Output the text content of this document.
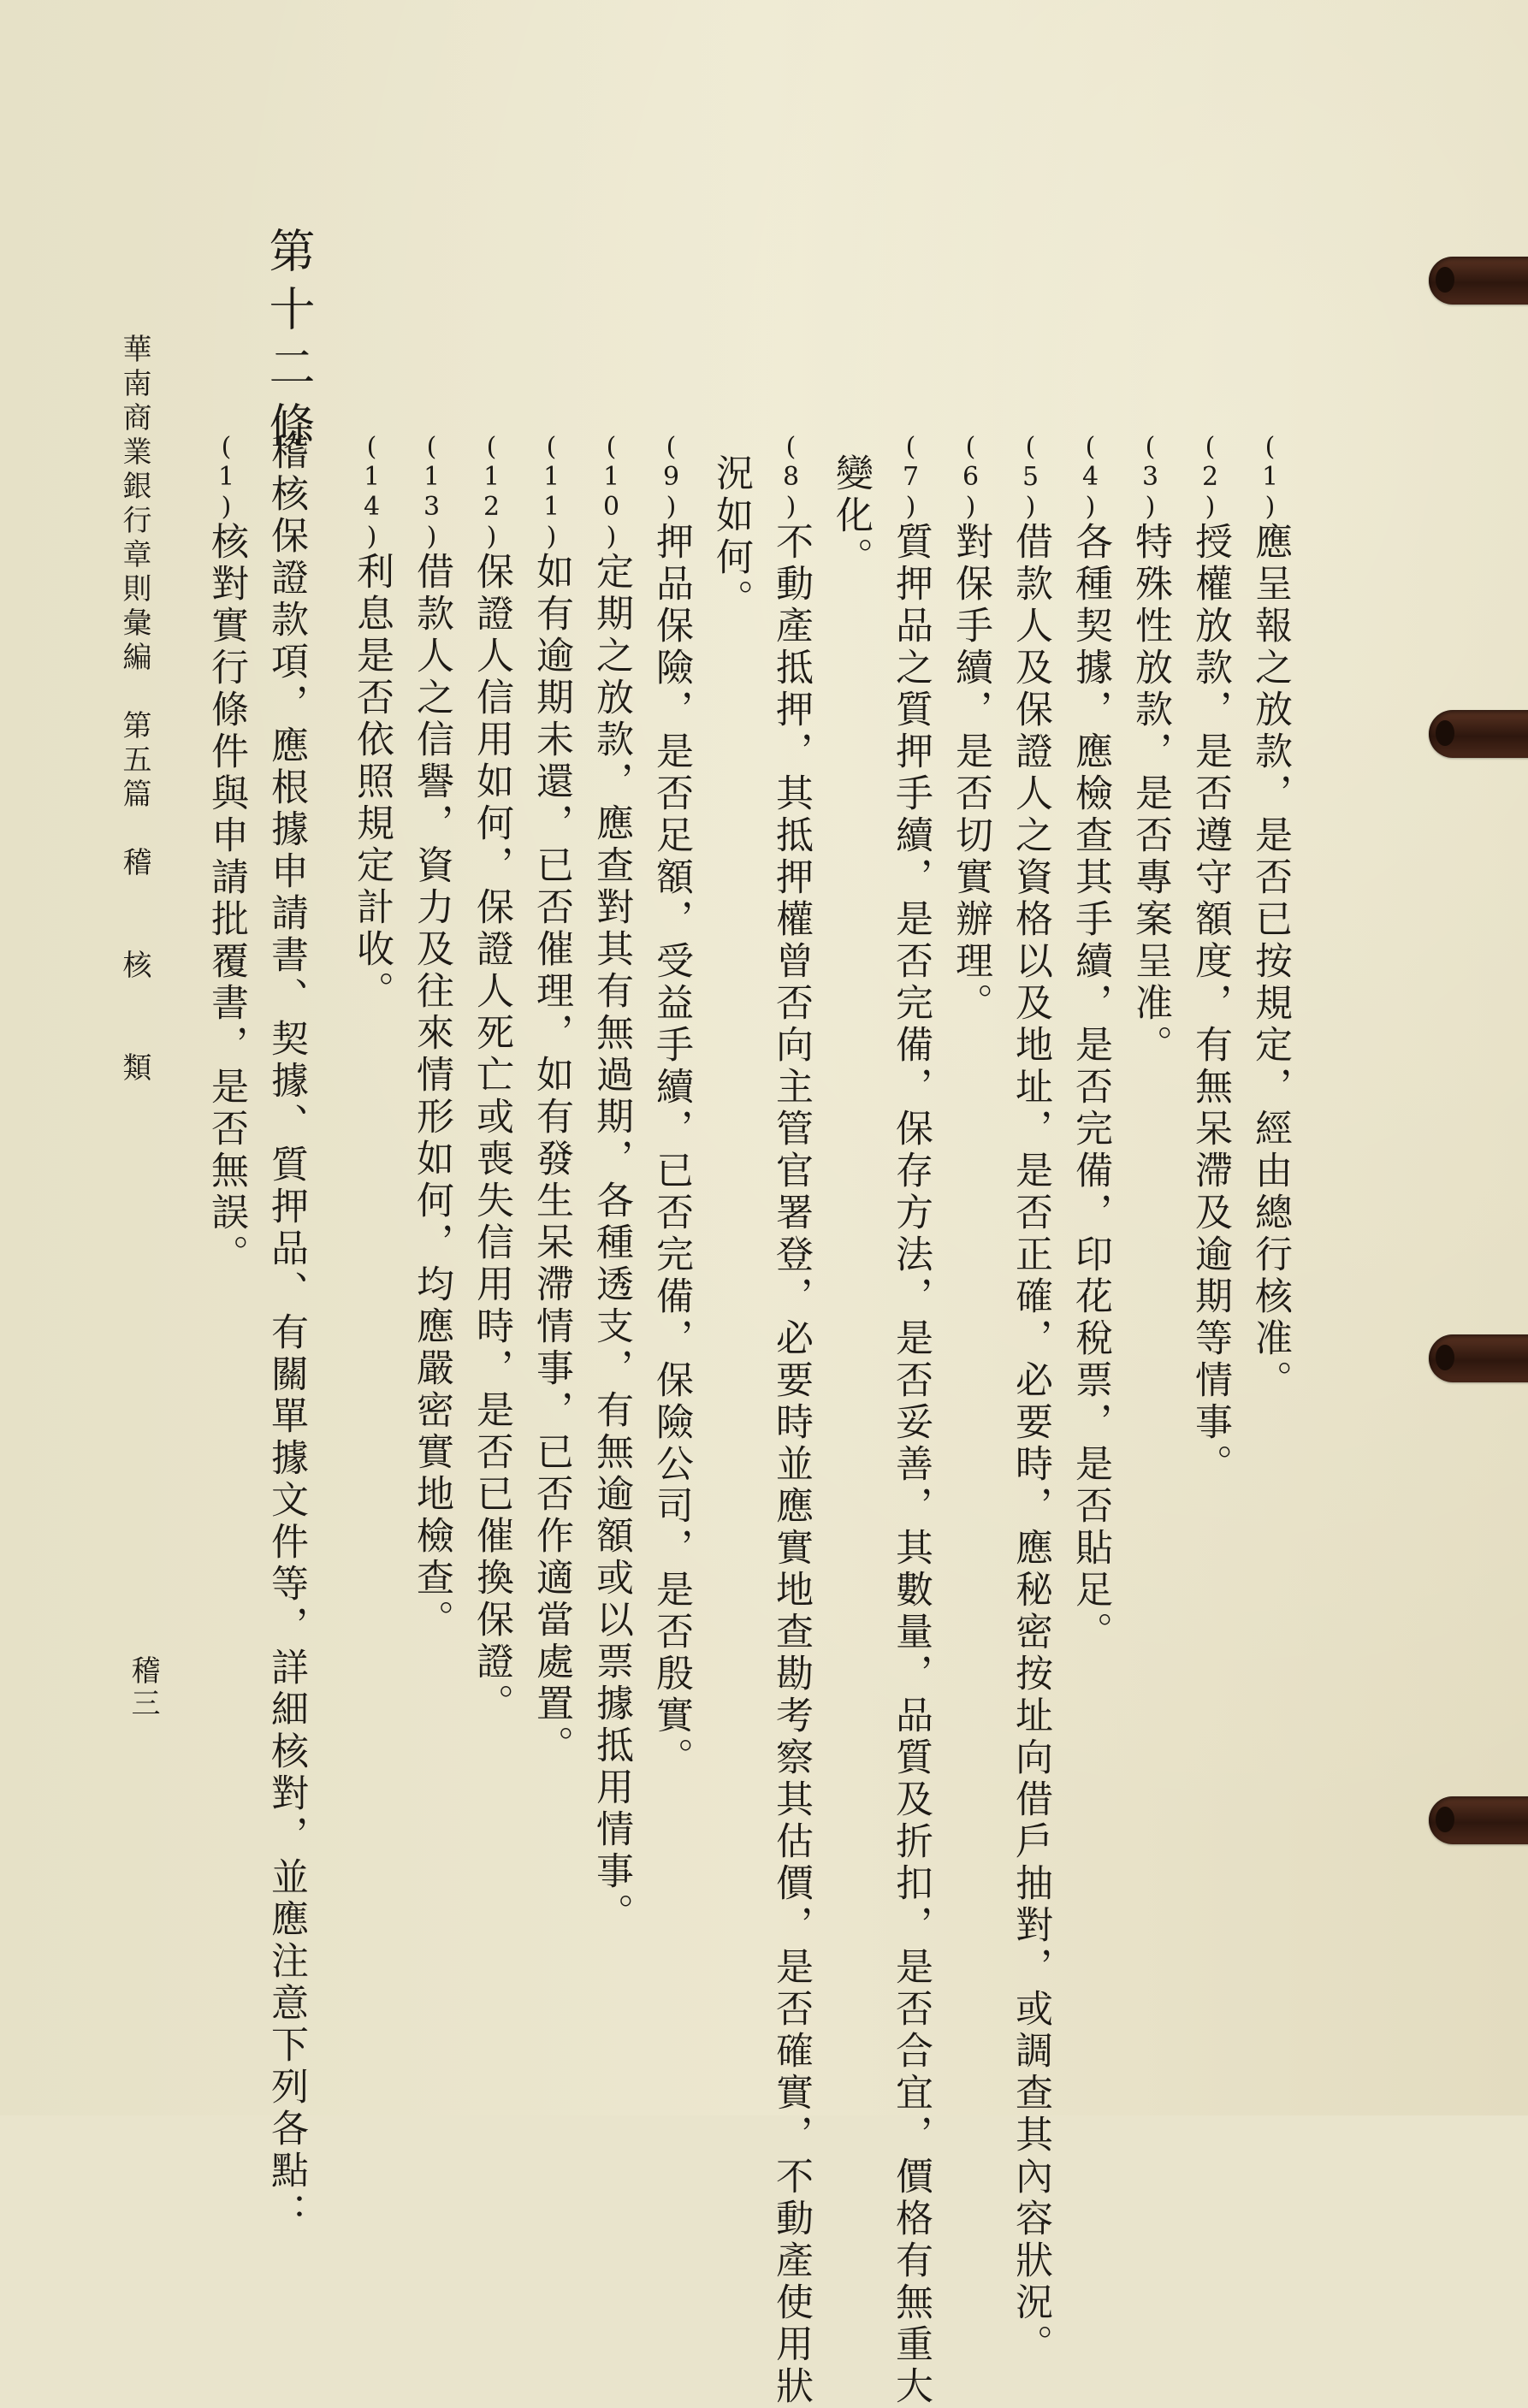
(1)應呈報之放款，是否已按規定，經由總行核准。
(2)授權放款，是否遵守額度，有無呆滯及逾期等情事。
(3)特殊性放款，是否專案呈准。
(4)各種契據，應檢查其手續，是否完備，印花稅票，是否貼足。
(5)借款人及保證人之資格以及地址，是否正確，必要時，應秘密按址向借戶抽對，或調查其內容狀況。
(6)對保手續，是否切實辦理。
(7)質押品之質押手續，是否完備，保存方法，是否妥善，其數量，品質及折扣，是否合宜，價格有無重大
變化。
(8)不動產抵押，其抵押權曾否向主管官署登，必要時並應實地查勘考察其估價，是否確實，不動產使用狀
況如何。
(9)押品保險，是否足額，受益手續，已否完備，保險公司，是否殷實。
(10)定期之放款，應查對其有無過期，各種透支，有無逾額或以票據抵用情事。
(11)如有逾期未還，已否催理，如有發生呆滯情事，已否作適當處置。
(12)保證人信用如何，保證人死亡或喪失信用時，是否已催換保證。
(13)借款人之信譽，資力及往來情形如何，均應嚴密實地檢查。
(14)利息是否依照規定計收。
第十二條
稽核保證款項，應根據申請書、契據、質押品、有關單據文件等，詳細核對，並應注意下列各點：
(1)核對實行條件與申請批覆書，是否無誤。
華南商業銀行章則彙編　第五篇　稽　　核　　類
稽三
